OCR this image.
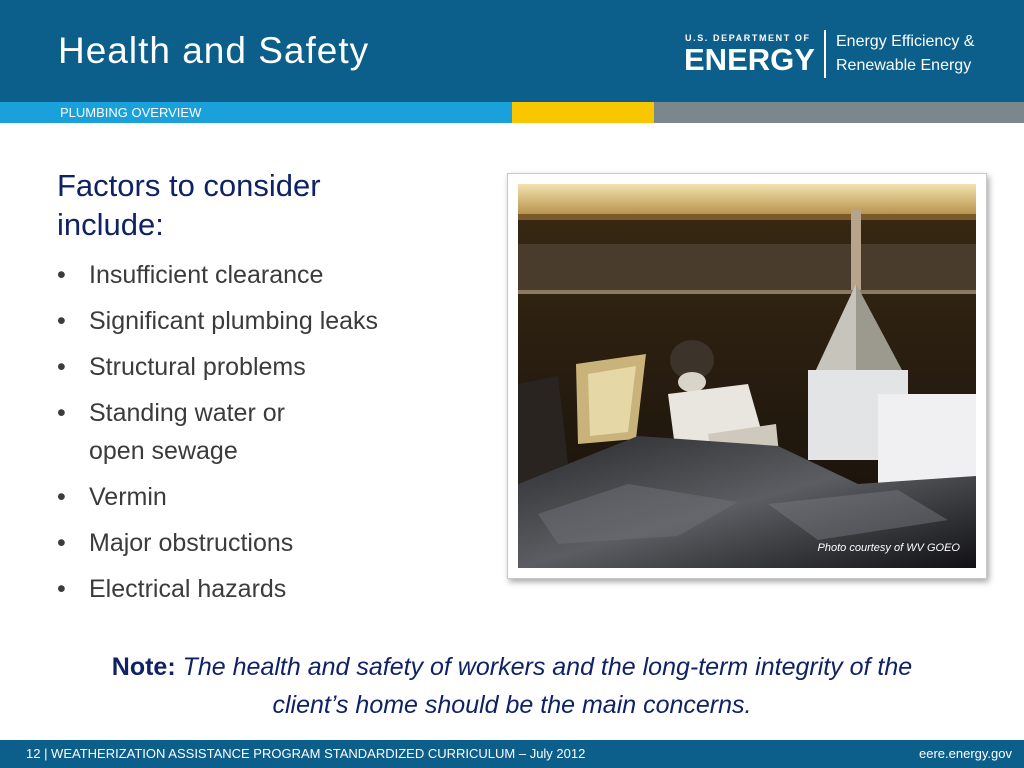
Health and Safety	U.S. DEPARTMENT OF
ENERGY
Energy Efficiency &
Renewable Energy
PLUMBING OVERVIEW
Factors to consider include:
• Insufficient clearance
• Significant plumbing leaks
• Structural problems
• Standing water or
open sewage
• Vermin
• Major obstructions
• Electrical hazards
Photo courtesy of WV GOEO
Note: The health and safety of workers and the long-term integrity of the client’s home should be the main concerns.
12 | WEATHERIZATION ASSISTANCE PROGRAM STANDARDIZED CURRICULUM – July 2012	eere.energy.gov
